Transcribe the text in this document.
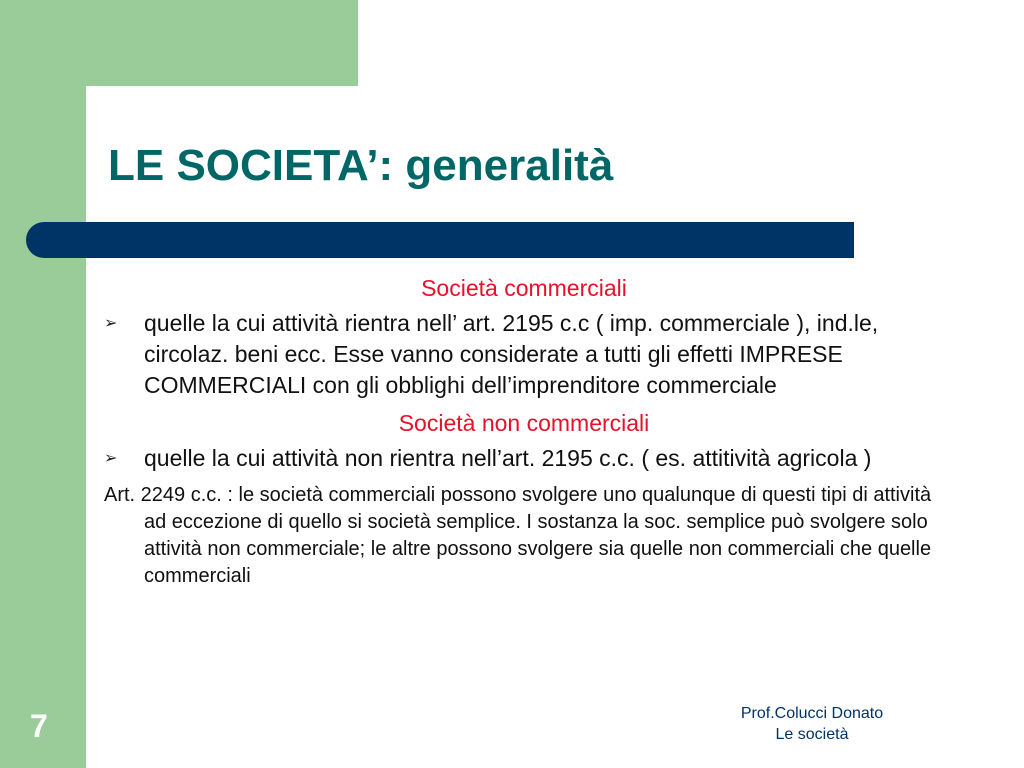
LE SOCIETA’: generalità
Società commerciali
➢ quelle la cui attività rientra nell’ art. 2195 c.c ( imp. commerciale ), ind.le, circolaz. beni ecc. Esse vanno considerate a tutti gli effetti IMPRESE COMMERCIALI con gli obblighi dell’imprenditore commerciale
Società non commerciali
➢ quelle la cui attività non rientra nell’art. 2195 c.c. ( es. attitività agricola )
Art. 2249 c.c. : le società commerciali possono svolgere uno qualunque di questi tipi di attività ad eccezione di quello si società semplice. I sostanza la soc. semplice può svolgere solo attività non commerciale; le altre possono svolgere sia quelle non commerciali che quelle commerciali
7	Prof.Colucci Donato
Le società
